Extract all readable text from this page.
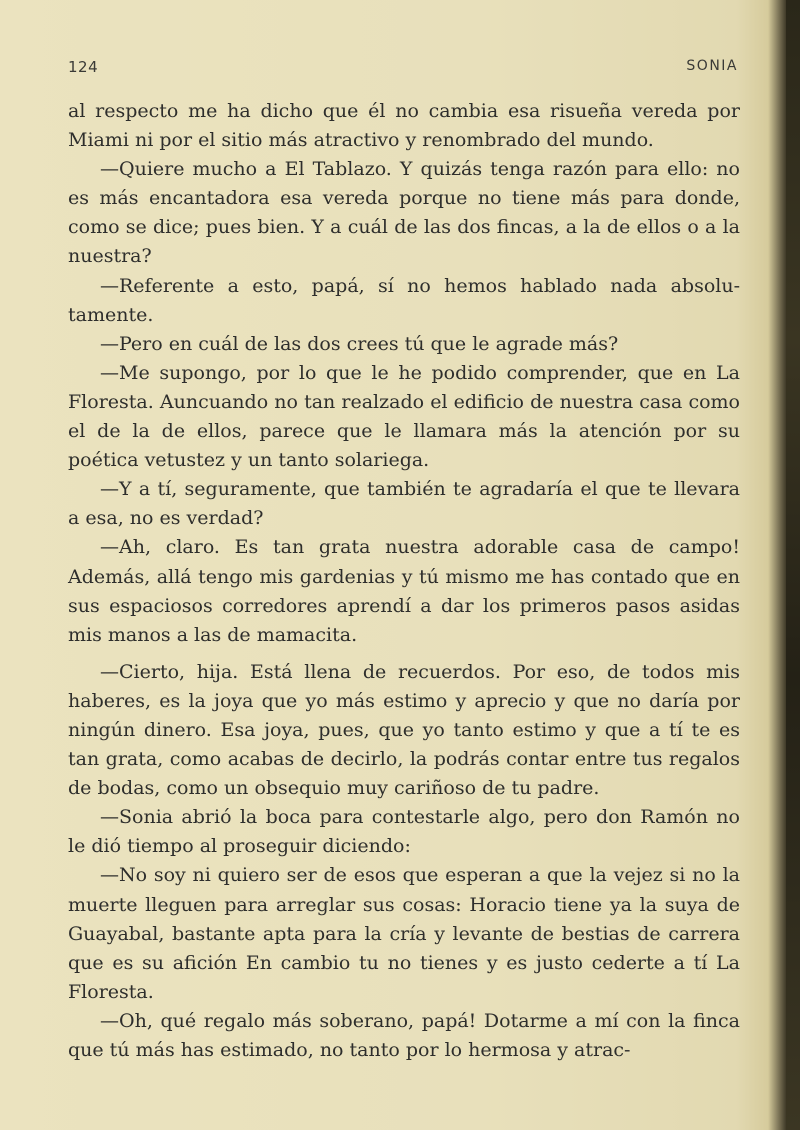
124	SONIA

al respecto me ha dicho que él no cambia esa risueña vereda por Miami ni por el sitio más atractivo y renombrado del mundo.

—Quiere mucho a El Tablazo. Y quizás tenga razón para ello: no es más encantadora esa vereda porque no tiene más para donde, como se dice; pues bien. Y a cuál de las dos fincas, a la de ellos o a la nuestra?

—Referente a esto, papá, sí no hemos hablado nada absolutamente.

—Pero en cuál de las dos crees tú que le agrade más?

—Me supongo, por lo que le he podido comprender, que en La Floresta. Auncuando no tan realzado el edificio de nuestra casa como el de la de ellos, parece que le llamara más la atención por su poética vetustez y un tanto solariega.

—Y a tí, seguramente, que también te agradaría el que te llevara a esa, no es verdad?

—Ah, claro. Es tan grata nuestra adorable casa de campo! Además, allá tengo mis gardenias y tú mismo me has contado que en sus espaciosos corredores aprendí a dar los primeros pasos asidas mis manos a las de mamacita.

—Cierto, hija. Está llena de recuerdos. Por eso, de todos mis haberes, es la joya que yo más estimo y aprecio y que no daría por ningún dinero. Esa joya, pues, que yo tanto estimo y que a tí te es tan grata, como acabas de decirlo, la podrás contar entre tus regalos de bodas, como un obsequio muy cariñoso de tu padre.

—Sonia abrió la boca para contestarle algo, pero don Ramón no le dió tiempo al proseguir diciendo:

—No soy ni quiero ser de esos que esperan a que la vejez si no la muerte lleguen para arreglar sus cosas: Horacio tiene ya la suya de Guayabal, bastante apta para la cría y levante de bestias de carrera que es su afición En cambio tu no tienes y es justo cederte a tí La Floresta.

—Oh, qué regalo más soberano, papá! Dotarme a mí con la finca que tú más has estimado, no tanto por lo hermosa y atrac-
